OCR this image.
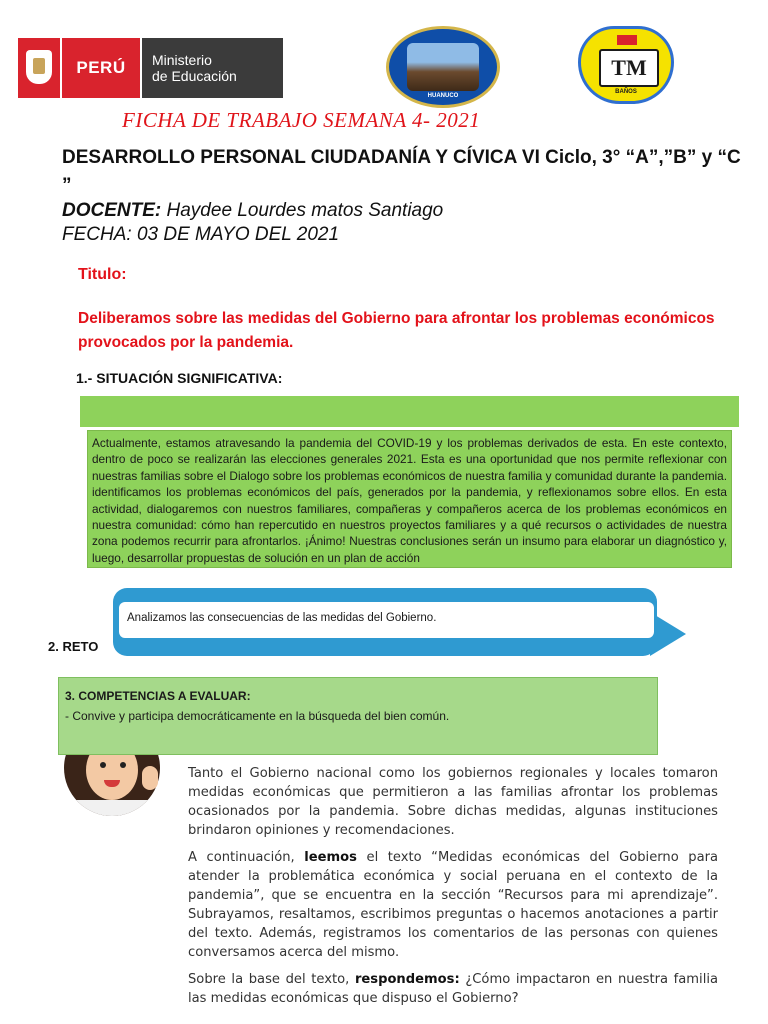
PERÚ	Ministerio
de Educación
HUANUCO
TM
BAÑOS
FICHA DE TRABAJO SEMANA 4- 2021
DESARROLLO PERSONAL CIUDADANÍA Y CÍVICA VI Ciclo, 3° “A”,”B” y “C ”
DOCENTE: Haydee Lourdes matos Santiago
FECHA: 03 DE MAYO DEL 2021
Titulo:
Deliberamos sobre las medidas del Gobierno para afrontar los problemas económicos provocados por la pandemia.
1.- SITUACIÓN SIGNIFICATIVA:
Actualmente, estamos atravesando la pandemia del COVID-19 y los problemas derivados de esta. En este contexto, dentro de poco se realizarán las elecciones generales 2021. Esta es una oportunidad que nos permite reflexionar con nuestras familias sobre el Dialogo sobre los problemas económicos de nuestra familia y comunidad durante la pandemia. identificamos los problemas económicos del país, generados por la pandemia, y reflexionamos sobre ellos. En esta actividad, dialogaremos con nuestros familiares, compañeras y compañeros acerca de los problemas económicos en nuestra comunidad: cómo han repercutido en nuestros proyectos familiares y a qué recursos o actividades de nuestra zona podemos recurrir para afrontarlos. ¡Ánimo! Nuestras conclusiones serán un insumo para elaborar un diagnóstico y, luego, desarrollar propuestas de solución en un plan de acción
Analizamos las consecuencias de las medidas del Gobierno.
2. RETO
3. COMPETENCIAS A EVALUAR:
- Convive y participa democráticamente en la búsqueda del bien común.
Tanto el Gobierno nacional como los gobiernos regionales y locales tomaron medidas económicas que permitieron a las familias afrontar los problemas ocasionados por la pandemia. Sobre dichas medidas, algunas instituciones brindaron opiniones y recomendaciones.
A continuación, leemos el texto “Medidas económicas del Gobierno para atender la problemática económica y social peruana en el contexto de la pandemia”, que se encuentra en la sección “Recursos para mi aprendizaje”. Subrayamos, resaltamos, escribimos preguntas o hacemos anotaciones a partir del texto. Además, registramos los comentarios de las personas con quienes conversamos acerca del mismo.
Sobre la base del texto, respondemos: ¿Cómo impactaron en nuestra familia las medidas económicas que dispuso el Gobierno?
